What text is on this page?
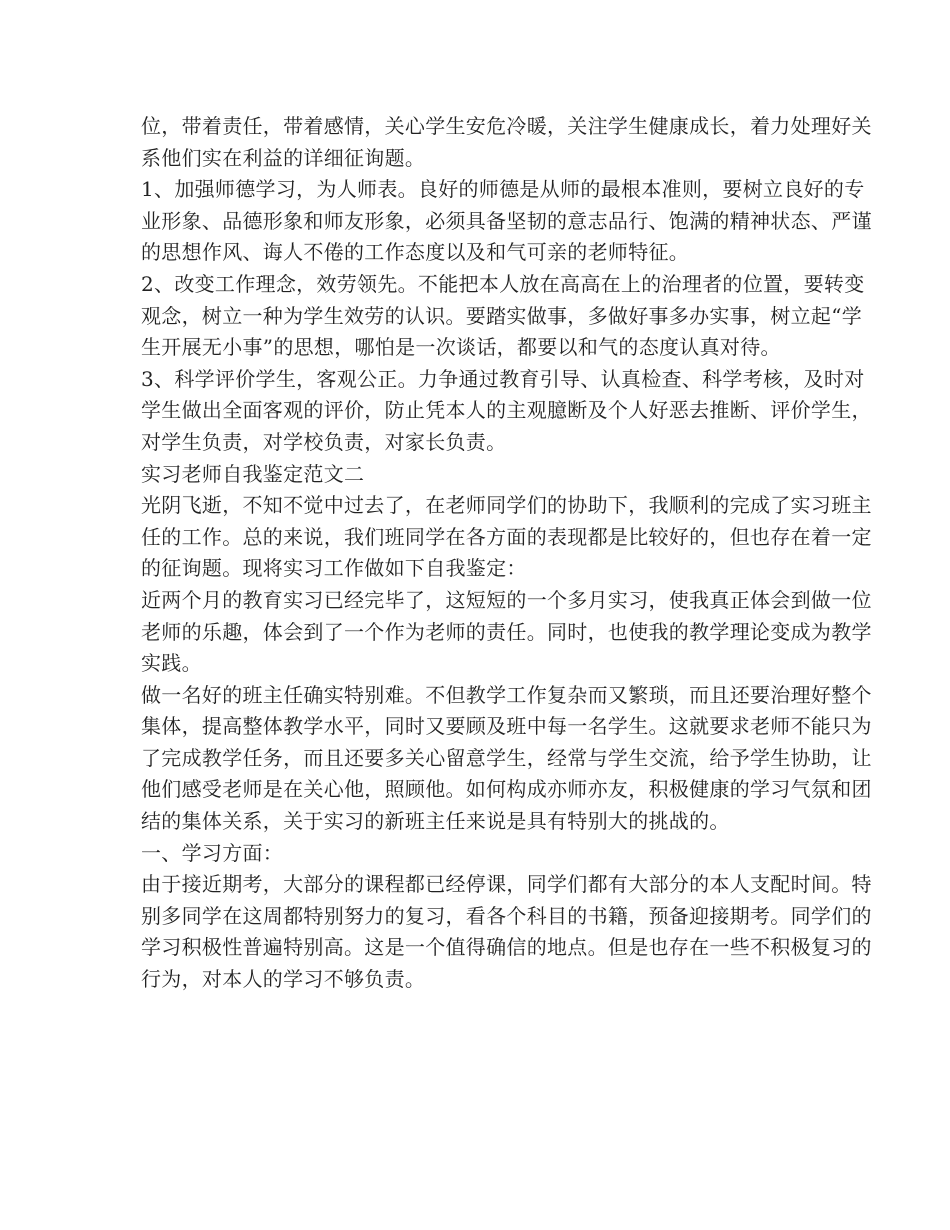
位，带着责任，带着感情，关心学生安危冷暖，关注学生健康成长，着力处理好关
系他们实在利益的详细征询题。
1、加强师德学习，为人师表。良好的师德是从师的最根本准则，要树立良好的专
业形象、品德形象和师友形象，必须具备坚韧的意志品行、饱满的精神状态、严谨
的思想作风、诲人不倦的工作态度以及和气可亲的老师特征。
2、改变工作理念，效劳领先。不能把本人放在高高在上的治理者的位置，要转变
观念，树立一种为学生效劳的认识。要踏实做事，多做好事多办实事，树立起“学
生开展无小事”的思想，哪怕是一次谈话，都要以和气的态度认真对待。
3、科学评价学生，客观公正。力争通过教育引导、认真检查、科学考核，及时对
学生做出全面客观的评价，防止凭本人的主观臆断及个人好恶去推断、评价学生，
对学生负责，对学校负责，对家长负责。
实习老师自我鉴定范文二
光阴飞逝，不知不觉中过去了，在老师同学们的协助下，我顺利的完成了实习班主
任的工作。总的来说，我们班同学在各方面的表现都是比较好的，但也存在着一定
的征询题。现将实习工作做如下自我鉴定：
近两个月的教育实习已经完毕了，这短短的一个多月实习，使我真正体会到做一位
老师的乐趣，体会到了一个作为老师的责任。同时，也使我的教学理论变成为教学
实践。
做一名好的班主任确实特别难。不但教学工作复杂而又繁琐，而且还要治理好整个
集体，提高整体教学水平，同时又要顾及班中每一名学生。这就要求老师不能只为
了完成教学任务，而且还要多关心留意学生，经常与学生交流，给予学生协助，让
他们感受老师是在关心他，照顾他。如何构成亦师亦友，积极健康的学习气氛和团
结的集体关系，关于实习的新班主任来说是具有特别大的挑战的。
一、学习方面：
由于接近期考，大部分的课程都已经停课，同学们都有大部分的本人支配时间。特
别多同学在这周都特别努力的复习，看各个科目的书籍，预备迎接期考。同学们的
学习积极性普遍特别高。这是一个值得确信的地点。但是也存在一些不积极复习的
行为，对本人的学习不够负责。
